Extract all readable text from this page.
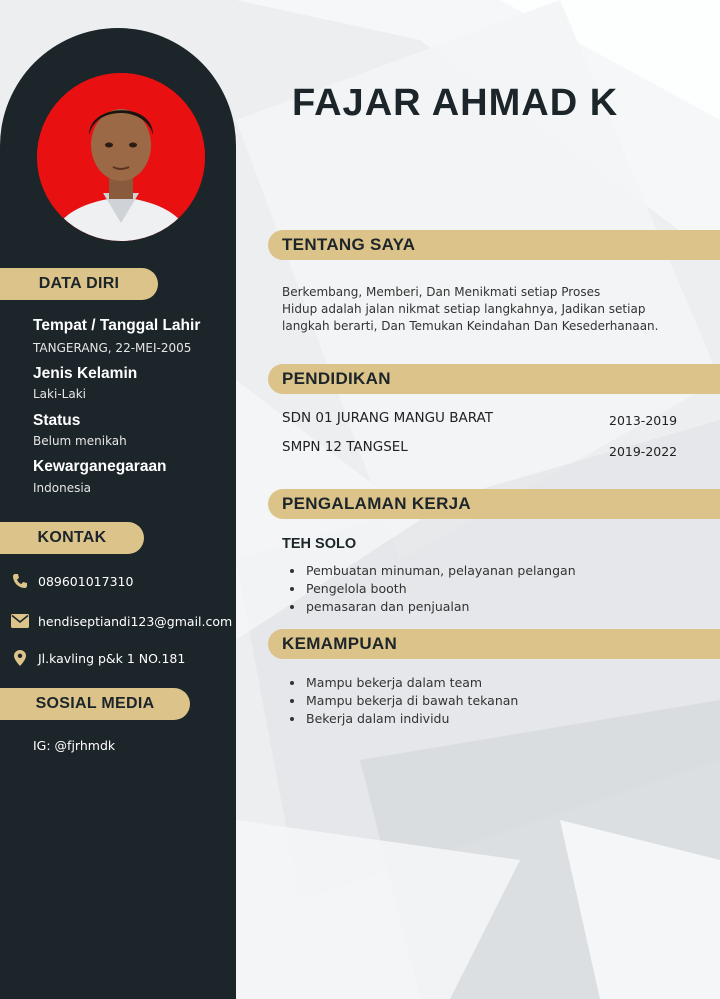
DATA DIRI
Tempat / Tanggal Lahir
TANGERANG, 22-MEI-2005
Jenis Kelamin
Laki-Laki
Status
Belum menikah
Kewarganegaraan
Indonesia
KONTAK
089601017310
hendiseptiandi123@gmail.com
Jl.kavling p&k 1 NO.181
SOSIAL MEDIA
IG: @fjrhmdk
FAJAR AHMAD K
TENTANG SAYA
Berkembang, Memberi, Dan Menikmati setiap Proses
Hidup adalah jalan nikmat setiap langkahnya, Jadikan setiap
langkah berarti, Dan Temukan Keindahan Dan Kesederhanaan.
PENDIDIKAN
SDN 01 JURANG MANGU BARAT	2013-2019
SMPN 12 TANGSEL	2019-2022
PENGALAMAN KERJA
TEH SOLO
Pembuatan minuman, pelayanan pelangan
Pengelola booth
pemasaran dan penjualan
KEMAMPUAN
Mampu bekerja dalam team
Mampu bekerja di bawah tekanan
Bekerja dalam individu
